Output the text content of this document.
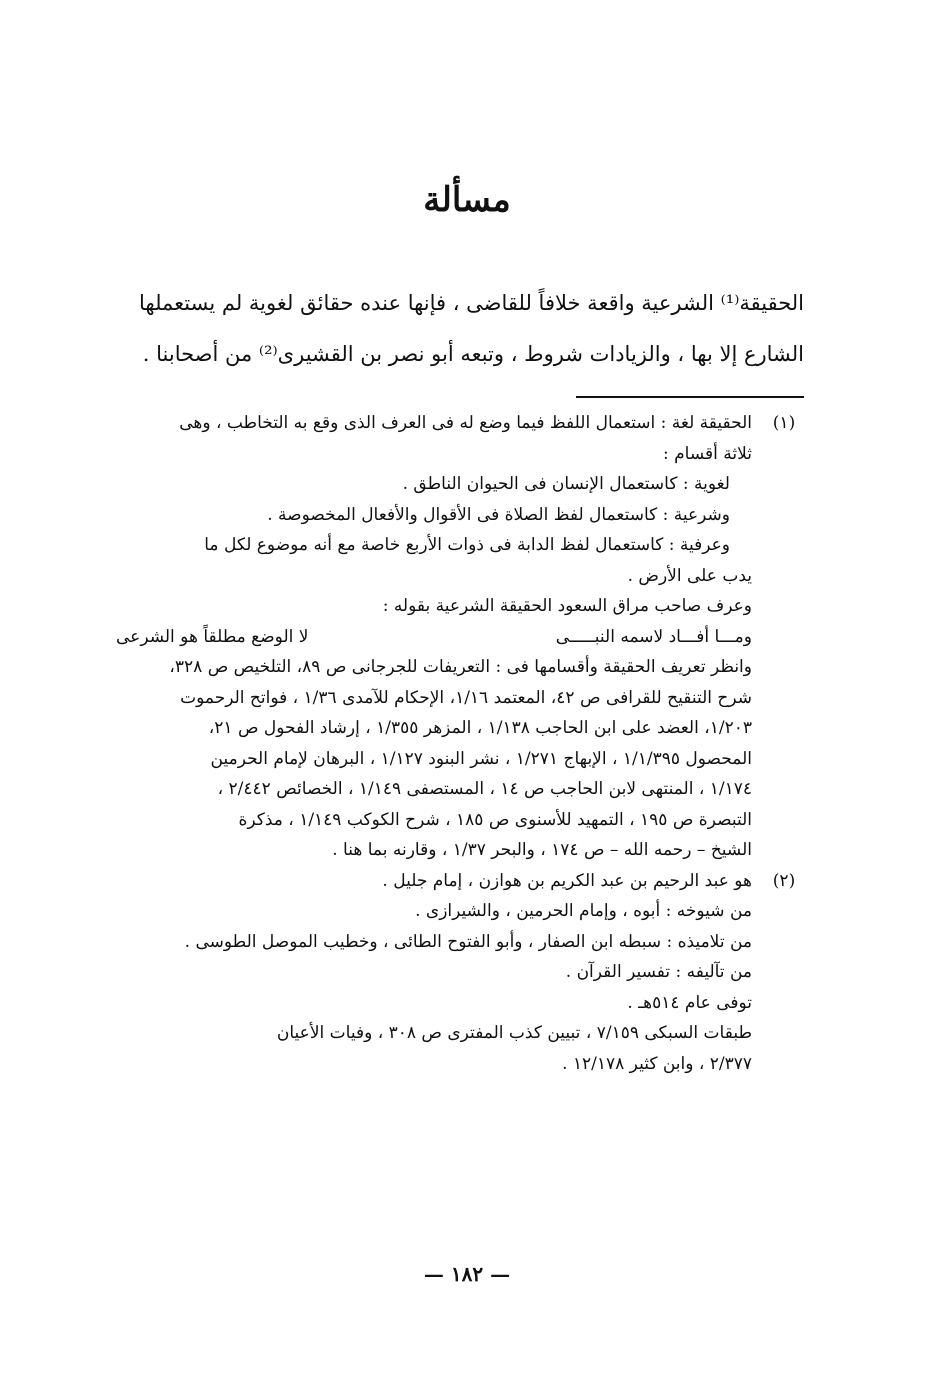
مسألة

الحقيقة⁽¹⁾ الشرعية واقعة خلافاً للقاضى ، فإنها عنده حقائق لغوية لم يستعملها

الشارع إلا بها ، والزيادات شروط ، وتبعه أبو نصر بن القشيرى⁽²⁾ من أصحابنا .

(١)

الحقيقة لغة : استعمال اللفظ فيما وضع له فى العرف الذى وقع به التخاطب ، وهى

ثلاثة أقسام :

لغوية : كاستعمال الإنسان فى الحيوان الناطق .

وشرعية : كاستعمال لفظ الصلاة فى الأقوال والأفعال المخصوصة .

وعرفية : كاستعمال لفظ الدابة فى ذوات الأربع خاصة مع أنه موضوع لكل ما

يدب على الأرض .

وعرف صاحب مراق السعود الحقيقة الشرعية بقوله :

ومـــا أفـــاد لاسمه النبـــــى
لا الوضع مطلقاً هو الشرعى

وانظر تعريف الحقيقة وأقسامها فى : التعريفات للجرجانى ص ٨٩، التلخيص ص ٣٢٨،

شرح التنقيح للقرافى ص ٤٢، المعتمد ١/١٦، الإحكام للآمدى ١/٣٦ ، فواتح الرحموت

١/٢٠٣، العضد على ابن الحاجب ١/١٣٨ ، المزهر ١/٣٥٥ ، إرشاد الفحول ص ٢١،

المحصول ١/١/٣٩٥ ، الإبهاج ١/٢٧١ ، نشر البنود ١/١٢٧ ، البرهان لإمام الحرمين

١/١٧٤ ، المنتهى لابن الحاجب ص ١٤ ، المستصفى ١/١٤٩ ، الخصائص ٢/٤٤٢ ،

التبصرة ص ١٩٥ ، التمهيد للأسنوى ص ١٨٥ ، شرح الكوكب ١/١٤٩ ، مذكرة

الشيخ – رحمه الله – ص ١٧٤ ، والبحر ١/٣٧ ، وقارنه بما هنا .

(٢)

هو عبد الرحيم بن عبد الكريم بن هوازن ، إمام جليل .

من شيوخه : أبوه ، وإمام الحرمين ، والشيرازى .

من تلاميذه : سبطه ابن الصفار ، وأبو الفتوح الطائى ، وخطيب الموصل الطوسى .

من تآليفه : تفسير القرآن .

توفى عام ٥١٤هـ .

طبقات السبكى ٧/١٥٩ ، تبيين كذب المفترى ص ٣٠٨ ، وفيات الأعيان

٢/٣٧٧ ، وابن كثير ١٢/١٧٨ .

— ١٨٢ —
